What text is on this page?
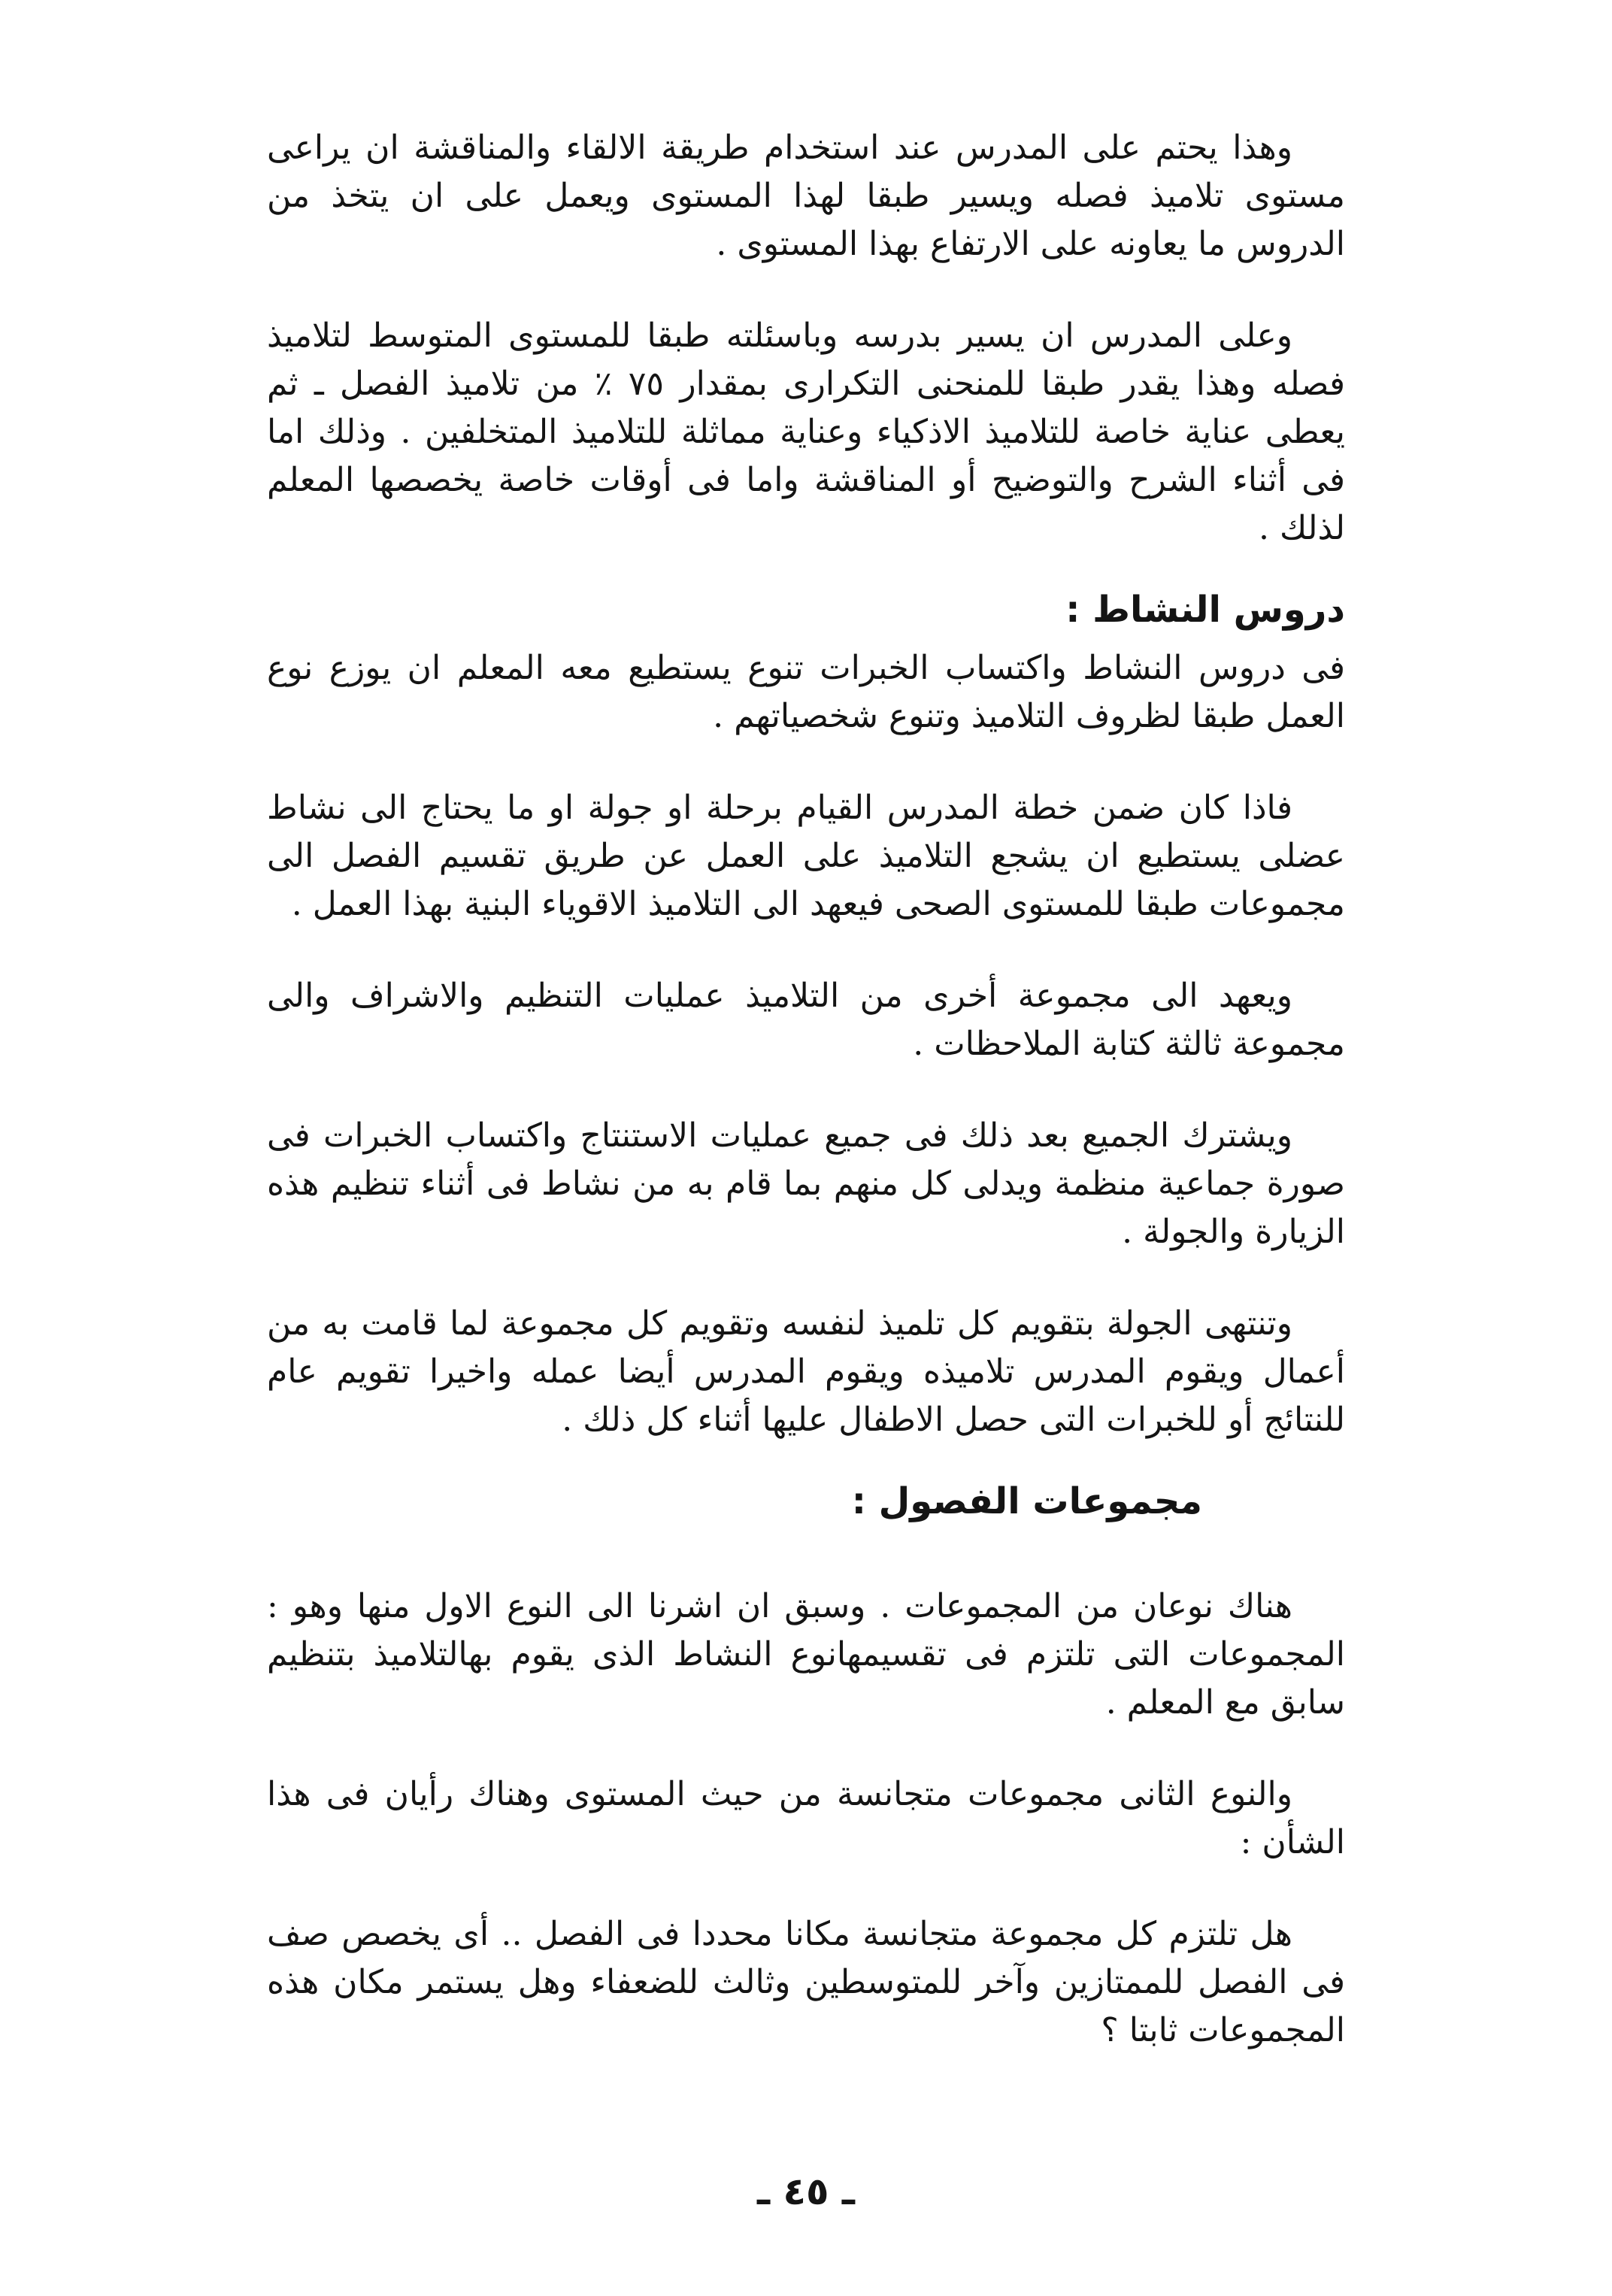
وهذا يحتم على المدرس عند استخدام طريقة الالقاء والمناقشة ان يراعى مستوى تلاميذ فصله ويسير طبقا لهذا المستوى ويعمل على ان يتخذ من الدروس ما يعاونه على الارتفاع بهذا المستوى .

وعلى المدرس ان يسير بدرسه وباسئلته طبقا للمستوى المتوسط لتلاميذ فصله وهذا يقدر طبقا للمنحنى التكرارى بمقدار ٧٥ ٪ من تلاميذ الفصل ـ ثم يعطى عناية خاصة للتلاميذ الاذكياء وعناية مماثلة للتلاميذ المتخلفين . وذلك اما فى أثناء الشرح والتوضيح أو المناقشة واما فى أوقات خاصة يخصصها المعلم لذلك .

دروس النشاط :

فى دروس النشاط واكتساب الخبرات تنوع يستطيع معه المعلم ان يوزع نوع العمل طبقا لظروف التلاميذ وتنوع شخصياتهم .

فاذا كان ضمن خطة المدرس القيام برحلة او جولة او ما يحتاج الى نشاط عضلى يستطيع ان يشجع التلاميذ على العمل عن طريق تقسيم الفصل الى مجموعات طبقا للمستوى الصحى فيعهد الى التلاميذ الاقوياء البنية بهذا العمل .

ويعهد الى مجموعة أخرى من التلاميذ عمليات التنظيم والاشراف والى مجموعة ثالثة كتابة الملاحظات .

ويشترك الجميع بعد ذلك فى جميع عمليات الاستنتاج واكتساب الخبرات فى صورة جماعية منظمة ويدلى كل منهم بما قام به من نشاط فى أثناء تنظيم هذه الزيارة والجولة .

وتنتهى الجولة بتقويم كل تلميذ لنفسه وتقويم كل مجموعة لما قامت به من أعمال ويقوم المدرس تلاميذه ويقوم المدرس أيضا عمله واخيرا تقويم عام للنتائج أو للخبرات التى حصل الاطفال عليها أثناء كل ذلك .

مجموعات الفصول :

هناك نوعان من المجموعات . وسبق ان اشرنا الى النوع الاول منها وهو : المجموعات التى تلتزم فى تقسيمهانوع النشاط الذى يقوم بهالتلاميذ بتنظيم سابق مع المعلم .

والنوع الثانى مجموعات متجانسة من حيث المستوى وهناك رأيان فى هذا الشأن :

هل تلتزم كل مجموعة متجانسة مكانا محددا فى الفصل .. أى يخصص صف فى الفصل للممتازين وآخر للمتوسطين وثالث للضعفاء وهل يستمر مكان هذه المجموعات ثابتا ؟

ـ ٤٥ ـ
